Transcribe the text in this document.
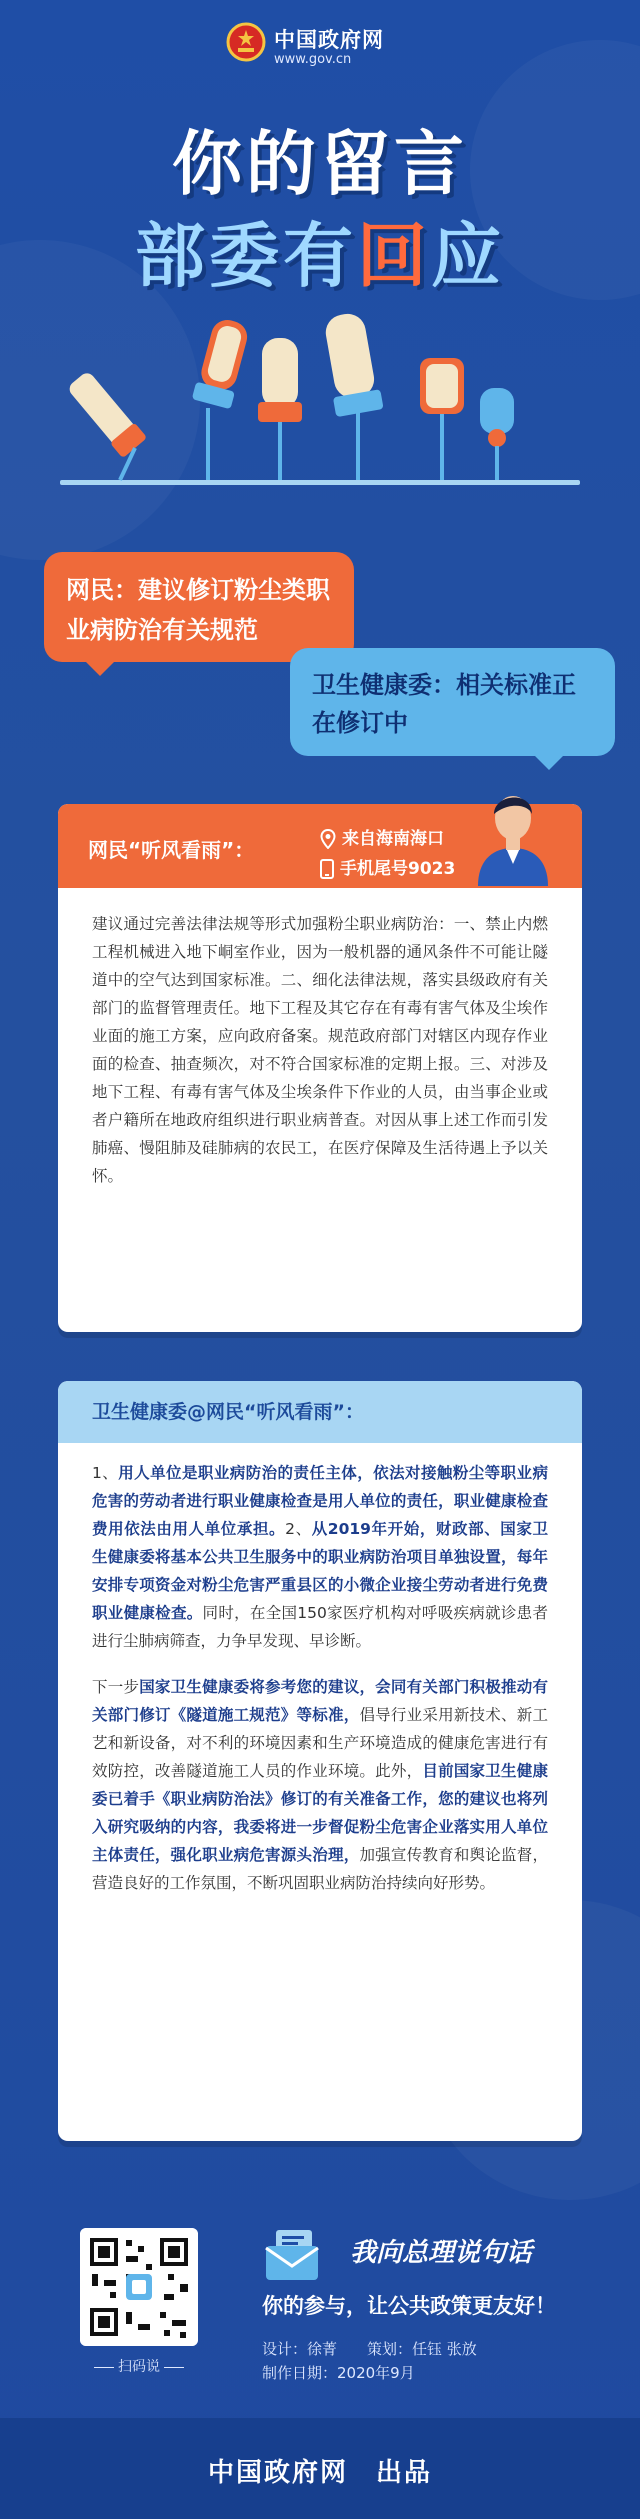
中国政府网
www.gov.cn
你的留言
部委有回应
网民：建议修订粉尘类职业病防治有关规范
卫生健康委：相关标准正在修订中
网民“听风看雨”：	来自海南海口
手机尾号9023
建议通过完善法律法规等形式加强粉尘职业病防治：一、禁止内燃工程机械进入地下峒室作业，因为一般机器的通风条件不可能让隧道中的空气达到国家标准。二、细化法律法规，落实县级政府有关部门的监督管理责任。地下工程及其它存在有毒有害气体及尘埃作业面的施工方案，应向政府备案。规范政府部门对辖区内现存作业面的检查、抽查频次，对不符合国家标准的定期上报。三、对涉及地下工程、有毒有害气体及尘埃条件下作业的人员，由当事企业或者户籍所在地政府组织进行职业病普查。对因从事上述工作而引发肺癌、慢阻肺及硅肺病的农民工，在医疗保障及生活待遇上予以关怀。
卫生健康委@网民“听风看雨”：

1、用人单位是职业病防治的责任主体，依法对接触粉尘等职业病危害的劳动者进行职业健康检查是用人单位的责任，职业健康检查费用依法由用人单位承担。2、从2019年开始，财政部、国家卫生健康委将基本公共卫生服务中的职业病防治项目单独设置，每年安排专项资金对粉尘危害严重县区的小微企业接尘劳动者进行免费职业健康检查。同时，在全国150家医疗机构对呼吸疾病就诊患者进行尘肺病筛查，力争早发现、早诊断。

下一步国家卫生健康委将参考您的建议，会同有关部门积极推动有关部门修订《隧道施工规范》等标准，倡导行业采用新技术、新工艺和新设备，对不利的环境因素和生产环境造成的健康危害进行有效防控，改善隧道施工人员的作业环境。此外，目前国家卫生健康委已着手《职业病防治法》修订的有关准备工作，您的建议也将列入研究吸纳的内容，我委将进一步督促粉尘危害企业落实用人单位主体责任，强化职业病危害源头治理，加强宣传教育和舆论监督，营造良好的工作氛围，不断巩固职业病防治持续向好形势。

扫码说
我向总理说句话
你的参与，让公共政策更友好！
设计：徐菁　　策划：任钰 张放
制作日期：2020年9月
中国政府网　出品
